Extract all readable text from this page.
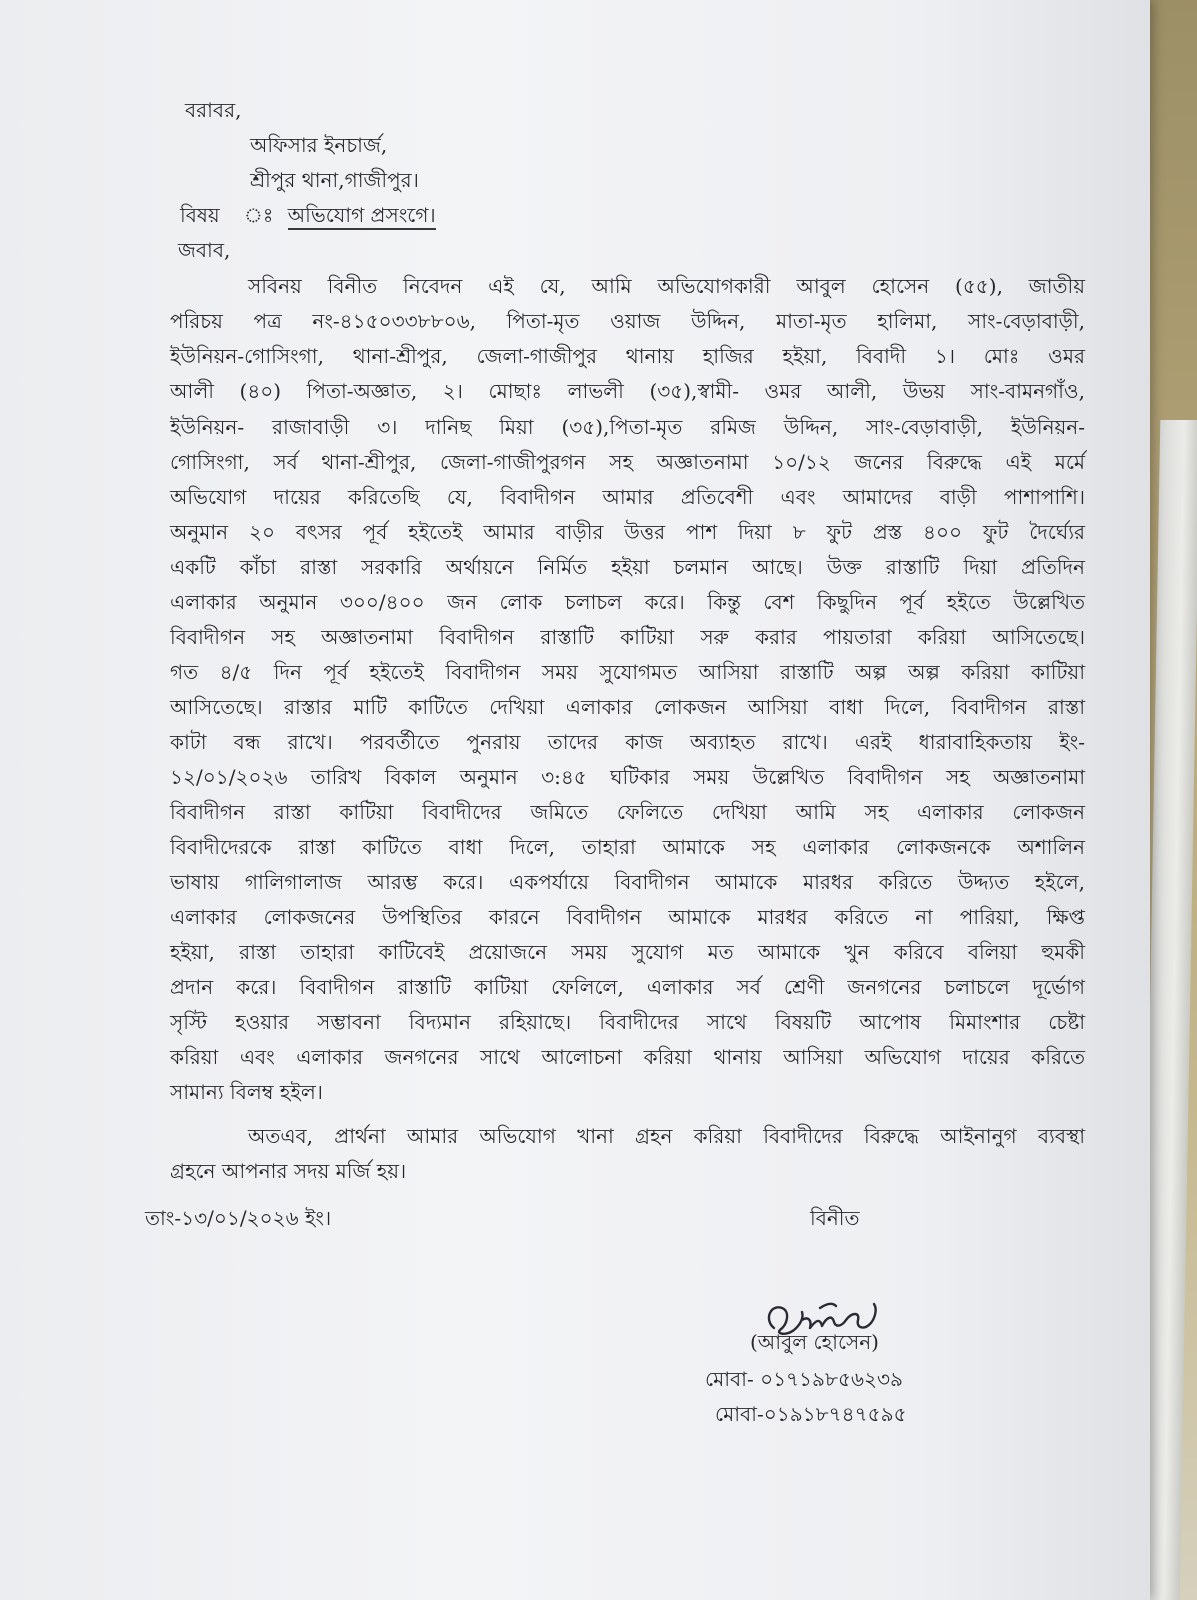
বরাবর,
অফিসার ইনচার্জ,
শ্রীপুর থানা,গাজীপুর।
বিষয় ঃ অভিযোগ প্রসংগে।
জবাব,
সবিনয় বিনীত নিবেদন এই যে, আমি অভিযোগকারী আবুল হোসেন (৫৫), জাতীয়
পরিচয় পত্র নং-৪১৫০৩৩৮৮০৬, পিতা-মৃত ওয়াজ উদ্দিন, মাতা-মৃত হালিমা, সাং-বেড়াবাড়ী,
ইউনিয়ন-গোসিংগা, থানা-শ্রীপুর, জেলা-গাজীপুর থানায় হাজির হইয়া, বিবাদী ১। মোঃ ওমর
আলী (৪০) পিতা-অজ্ঞাত, ২। মোছাঃ লাভলী (৩৫),স্বামী- ওমর আলী, উভয় সাং-বামনগাঁও,
ইউনিয়ন- রাজাবাড়ী ৩। দানিছ মিয়া (৩৫),পিতা-মৃত রমিজ উদ্দিন, সাং-বেড়াবাড়ী, ইউনিয়ন-
গোসিংগা, সর্ব থানা-শ্রীপুর, জেলা-গাজীপুরগন সহ অজ্ঞাতনামা ১০/১২ জনের বিরুদ্ধে এই মর্মে
অভিযোগ দায়ের করিতেছি যে, বিবাদীগন আমার প্রতিবেশী এবং আমাদের বাড়ী পাশাপাশি।
অনুমান ২০ বৎসর পূর্ব হইতেই আমার বাড়ীর উত্তর পাশ দিয়া ৮ ফুট প্রস্ত ৪০০ ফুট দৈর্ঘ্যের
একটি কাঁচা রাস্তা সরকারি অর্থায়নে নির্মিত হইয়া চলমান আছে। উক্ত রাস্তাটি দিয়া প্রতিদিন
এলাকার অনুমান ৩০০/৪০০ জন লোক চলাচল করে। কিন্তু বেশ কিছুদিন পূর্ব হইতে উল্লেখিত
বিবাদীগন সহ অজ্ঞাতনামা বিবাদীগন রাস্তাটি কাটিয়া সরু করার পায়তারা করিয়া আসিতেছে।
গত ৪/৫ দিন পূর্ব হইতেই বিবাদীগন সময় সুযোগমত আসিয়া রাস্তাটি অল্প অল্প করিয়া কাটিয়া
আসিতেছে। রাস্তার মাটি কাটিতে দেখিয়া এলাকার লোকজন আসিয়া বাধা দিলে, বিবাদীগন রাস্তা
কাটা বন্ধ রাখে। পরবর্তীতে পুনরায় তাদের কাজ অব্যাহত রাখে। এরই ধারাবাহিকতায় ইং-
১২/০১/২০২৬ তারিখ বিকাল অনুমান ৩:৪৫ ঘটিকার সময় উল্লেখিত বিবাদীগন সহ অজ্ঞাতনামা
বিবাদীগন রাস্তা কাটিয়া বিবাদীদের জমিতে ফেলিতে দেখিয়া আমি সহ এলাকার লোকজন
বিবাদীদেরকে রাস্তা কাটিতে বাধা দিলে, তাহারা আমাকে সহ এলাকার লোকজনকে অশালিন
ভাষায় গালিগালাজ আরম্ভ করে। একপর্যায়ে বিবাদীগন আমাকে মারধর করিতে উদ্দ্যত হইলে,
এলাকার লোকজনের উপস্থিতির কারনে বিবাদীগন আমাকে মারধর করিতে না পারিয়া, ক্ষিপ্ত
হইয়া, রাস্তা তাহারা কাটিবেই প্রয়োজনে সময় সুযোগ মত আমাকে খুন করিবে বলিয়া হুমকী
প্রদান করে। বিবাদীগন রাস্তাটি কাটিয়া ফেলিলে, এলাকার সর্ব শ্রেণী জনগনের চলাচলে দূর্ভোগ
সৃস্টি হওয়ার সম্ভাবনা বিদ্যমান রহিয়াছে। বিবাদীদের সাথে বিষয়টি আপোষ মিমাংশার চেষ্টা
করিয়া এবং এলাকার জনগনের সাথে আলোচনা করিয়া থানায় আসিয়া অভিযোগ দায়ের করিতে
সামান্য বিলম্ব হইল।
অতএব, প্রার্থনা আমার অভিযোগ খানা গ্রহন করিয়া বিবাদীদের বিরুদ্ধে আইনানুগ ব্যবস্থা
গ্রহনে আপনার সদয় মর্জি হয়।
তাং-১৩/০১/২০২৬ ইং।	বিনীত
(আবুল হোসেন)
মোবা- ০১৭১৯৮৫৬২৩৯
মোবা-০১৯১৮৭৪৭৫৯৫
